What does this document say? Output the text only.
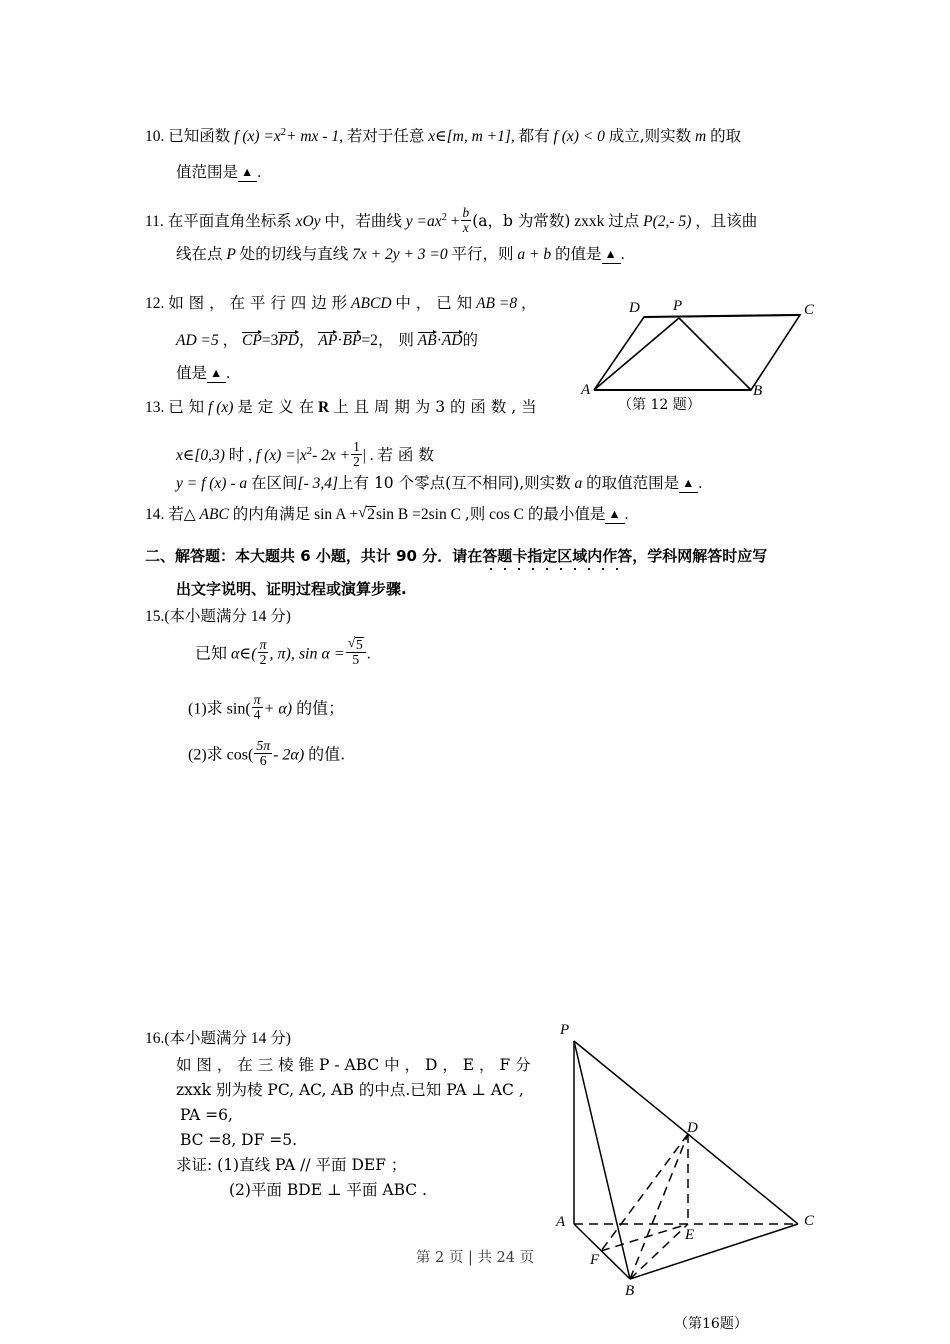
10. 已知函数 f $(x) =x^2+$ mx - 1, 若对于任意 x∈[m, m +1], 都有 f (x) < 0 成立,则实数 m 的取
值范围是 ▲ .
11. 在平面直角坐标系 xOy 中，若曲线 $y =ax^2 + \frac{b}{x} (a$，b 为常数) zxxk 过点 P(2,- 5) ，且该曲
线在点 P 处的切线与直线 7x + 2y + 3 =0 平行，则 a + b 的值是 ▲ .
12. 如 图 ， 在 平 行 四 边 形 ABCD 中 ， 已 知 AB =8 ，
AD =5 ， CP=3PD， AP·BP=2， 则 AB·AD的
值是 ▲ .
D P	C
A	B
（第 12 题）
13. 已 知 f (x) 是 定 义 在 R 上 且 周 期 为 3 的 函 数 , 当
x∈[0,3) 时 , f $(x) =|x^2-$ $2x + \frac{1}{2}$ | . 若 函 数
y = f (x) - a 在区间[- 3,4]上有 10 个零点(互不相同),则实数 a 的取值范围是 ▲ .
14. 若△ ABC 的内角满足 sin A + √ 2sin B =2sin C ,则 cos C 的最小值是 ▲ .
二、解答题：本大题共 6 小题，共计 90 分．请在答题卡指定区域内作答，学科网解答时应写
出文字说明、证明过程或演算步骤.
15.(本小题满分 14 分)
已知 α∈( $\frac{\pi}{2}$ , π), sin α = √ $\frac{5}{5}$ .
(1)求 $\sin( \frac{\pi}{4} + \alpha)$ 的值；
(2)求 $\cos( \frac{5\pi}{6} - 2\alpha)$ 的值.
16.(本小题满分 14 分)
如 图 ， 在 三 棱 锥 P - ABC 中 ， D ， E ， F 分
zxxk 别为棱 PC, AC, AB 的中点.已知 PA ⊥ AC ,
PA =6,
BC =8, DF =5.
求证: (1)直线 PA // 平面 DEF ；
(2)平面 BDE ⊥ 平面 ABC .
P
A	C
B
E
D
F
（第16题）
第 2 页 | 共 24 页
